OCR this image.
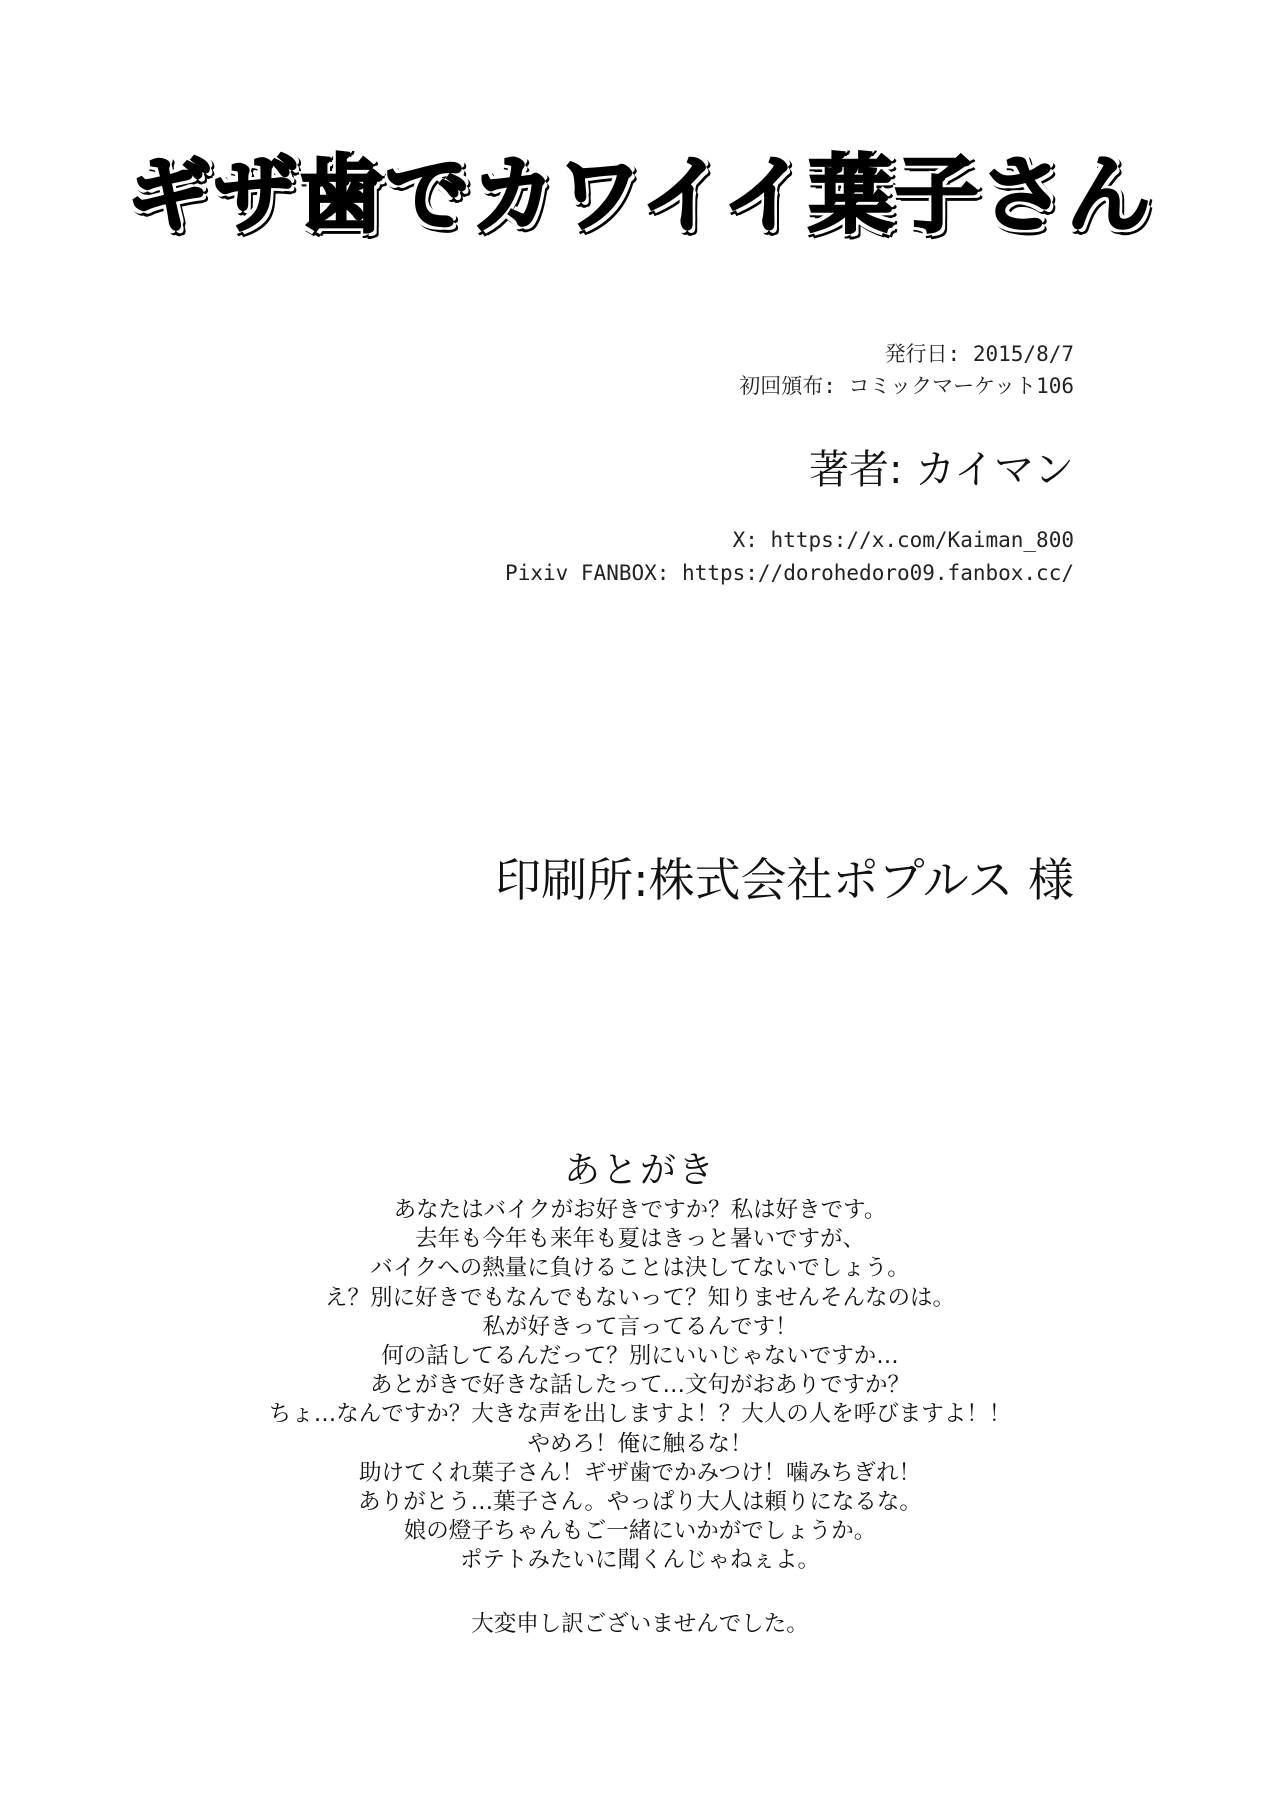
ギザ歯でカワイイ葉子さん
発行日: 2015/8/7
初回頒布: コミックマーケット106
著者: カイマン
X: https://x.com/Kaiman_800
Pixiv FANBOX: https://dorohedoro09.fanbox.cc/
印刷所:株式会社ポプルス 様
あとがき
あなたはバイクがお好きですか？私は好きです。
去年も今年も来年も夏はきっと暑いですが、
バイクへの熱量に負けることは決してないでしょう。
え？別に好きでもなんでもないって？知りませんそんなのは。
私が好きって言ってるんです！
何の話してるんだって？別にいいじゃないですか…
あとがきで好きな話したって…文句がおありですか？
ちょ…なんですか？大きな声を出しますよ！？大人の人を呼びますよ！！
やめろ！俺に触るな！
助けてくれ葉子さん！ギザ歯でかみつけ！噛みちぎれ！
ありがとう…葉子さん。やっぱり大人は頼りになるな。
娘の燈子ちゃんもご一緒にいかがでしょうか。
ポテトみたいに聞くんじゃねぇよ。
大変申し訳ございませんでした。
